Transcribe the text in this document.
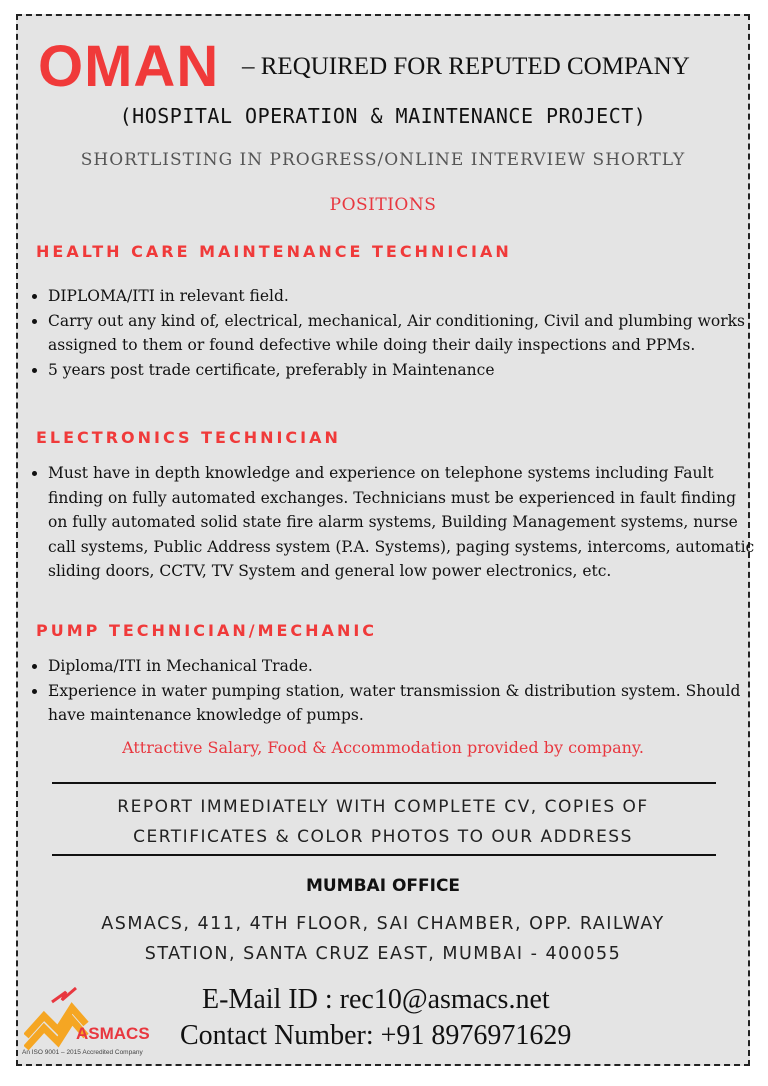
OMAN – REQUIRED FOR REPUTED COMPANY
(HOSPITAL OPERATION & MAINTENANCE PROJECT)
SHORTLISTING IN PROGRESS/ONLINE INTERVIEW SHORTLY
POSITIONS
HEALTH CARE MAINTENANCE TECHNICIAN
• DIPLOMA/ITI in relevant field.
• Carry out any kind of, electrical, mechanical, Air conditioning, Civil and plumbing works assigned to them or found defective while doing their daily inspections and PPMs.
• 5 years post trade certificate, preferably in Maintenance
ELECTRONICS TECHNICIAN
• Must have in depth knowledge and experience on telephone systems including Fault finding on fully automated exchanges. Technicians must be experienced in fault finding on fully automated solid state fire alarm systems, Building Management systems, nurse call systems, Public Address system (P.A. Systems), paging systems, intercoms, automatic sliding doors, CCTV, TV System and general low power electronics, etc.
PUMP TECHNICIAN/MECHANIC
• Diploma/ITI in Mechanical Trade.
• Experience in water pumping station, water transmission & distribution system. Should have maintenance knowledge of pumps.
Attractive Salary, Food & Accommodation provided by company.
REPORT IMMEDIATELY WITH COMPLETE CV, COPIES OF
CERTIFICATES & COLOR PHOTOS TO OUR ADDRESS
MUMBAI OFFICE
ASMACS, 411, 4TH FLOOR, SAI CHAMBER, OPP. RAILWAY
STATION, SANTA CRUZ EAST, MUMBAI - 400055
ASMACS
An ISO 9001 – 2015 Accredited Company
E-Mail ID : rec10@asmacs.net
Contact Number: +91 8976971629
